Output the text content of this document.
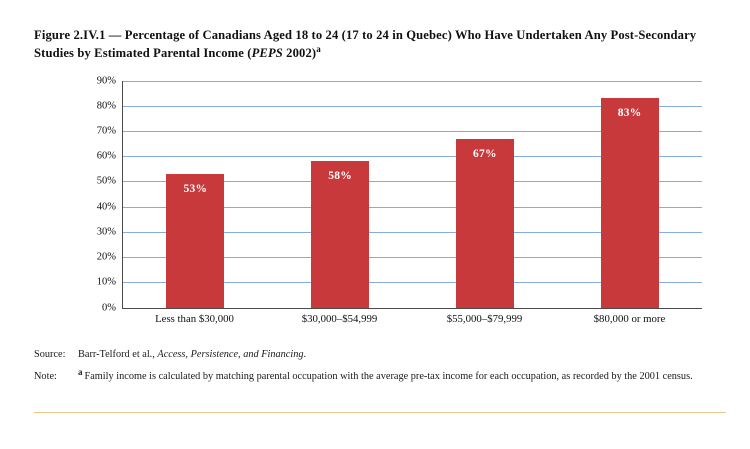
Figure 2.IV.1 — Percentage of Canadians Aged 18 to 24 (17 to 24 in Quebec) Who Have Undertaken Any Post-Secondary Studies by Estimated Parental Income (PEPS 2002)$^a$

0%
10%
20%
30%
40%
50%
60%
70%
80%
90%
53%
58%
67%
83%
Less than $30,000	$30,000–$54,999	$55,000–$79,999	$80,000 or more
Source:	Barr-Telford et al., Access, Persistence, and Financing.
Note:	a Family income is calculated by matching parental occupation with the average pre-tax income for each occupation, as recorded by the 2001 census.
